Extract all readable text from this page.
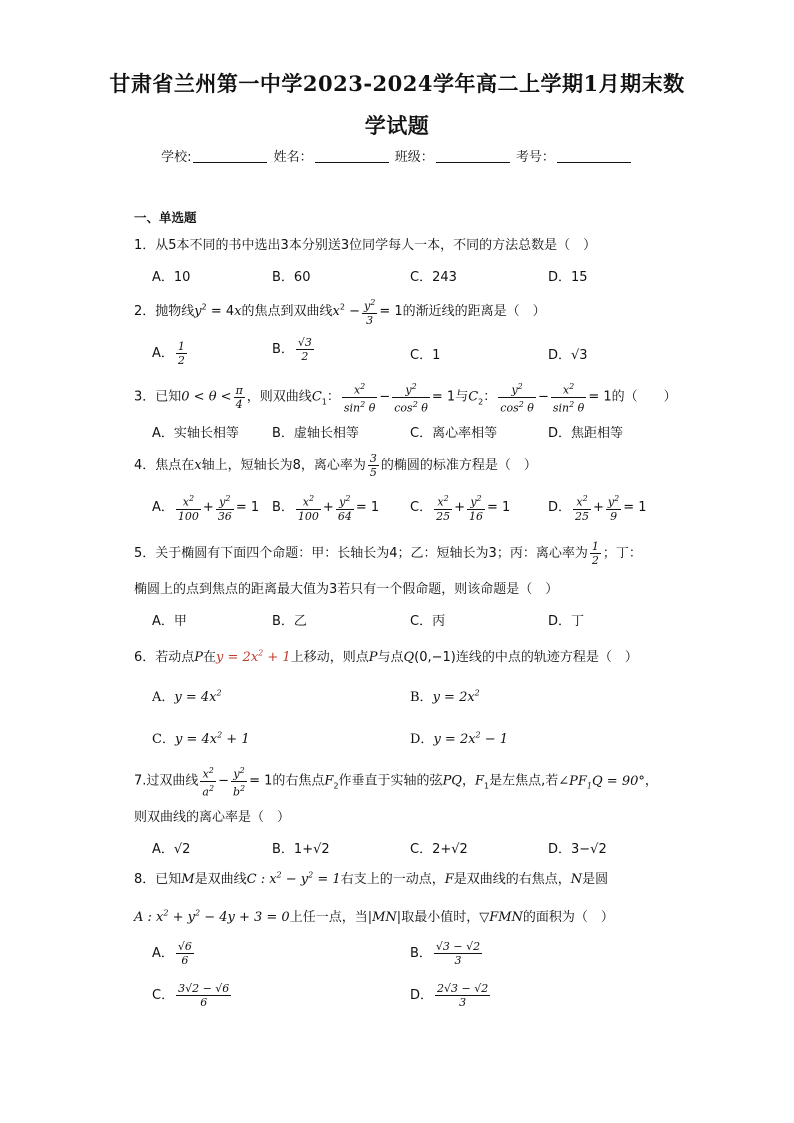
甘肃省兰州第一中学2023-2024学年高二上学期1月期末数
学试题
学校:	姓名：	班级：	考号：
一、单选题
1．从5本不同的书中选出3本分别送3位同学每人一本，不同的方法总数是（　）
A．10	B．60	C．243	D．15
2．抛物线$y^2 = 4x$的焦点到双曲线$x^2 - \frac{y^2}{3} = 1$的渐近线的距离是（　）
A． $\frac{1}{2}$	B． $\frac{√3}{2}$	C．1	D．√3
3．已知$0 < \theta < \frac{\pi}{4}$ ，则双曲线$C_1$： $\frac{x^2}{\sin^2 \theta} - \frac{y^2}{\cos^2 \theta} = 1$与$C_2$： $\frac{y^2}{\cos^2 \theta} - \frac{x^2}{\sin^2 \theta} = 1$的（　　）
A．实轴长相等	B．虚轴长相等	C．离心率相等	D．焦距相等
4．焦点在x轴上，短轴长为8，离心率为 $\frac{3}{5}$ 的椭圆的标准方程是（　）
A． $\frac{x^2}{100} + \frac{y^2}{36} = 1$ B． $\frac{x^2}{100} + \frac{y^2}{64} = 1$ C． $\frac{x^2}{25} + \frac{y^2}{16} = 1$	D． $\frac{x^2}{25} + \frac{y^2}{9} = 1$
5．关于椭圆有下面四个命题：甲：长轴长为4；乙：短轴长为3；丙：离心率为 $\frac{1}{2}$ ；丁：
椭圆上的点到焦点的距离最大值为3若只有一个假命题，则该命题是（　）
A．甲	B．乙	C．丙	D．丁
6．若动点P在$y = 2x^2 + 1$上移动，则点P与点Q(0,−1)连线的中点的轨迹方程是（　）
A．$y = 4x^2$	B．$y = 2x^2$
C．$y = 4x^2 + 1$	D．$y = 2x^2 - 1$
7.过双曲线 $\frac{x^2}{a^2} - \frac{y^2}{b^2} = 1$的右焦点$F_2$作垂直于实轴的弦PQ，$F_1$是左焦点,若$\angle PF_1Q = 90^\circ$，
则双曲线的离心率是（　）
A．√2	B．1+√2	C．2+√2	D．3−√2
8．已知M是双曲线C : $x^2 - y^2 = 1$右支上的一动点，F是双曲线的右焦点，N是圆
A : $x^2 + y^2 - 4y + 3 = 0$上任一点，当|MN|取最小值时，▽FMN的面积为（　）
A． $\frac{√6}{6}$	B． $\frac{√3 - √2}{3}$
C． $\frac{3√2 - √6}{6}$	D． $\frac{2√3 - √2}{3}$
